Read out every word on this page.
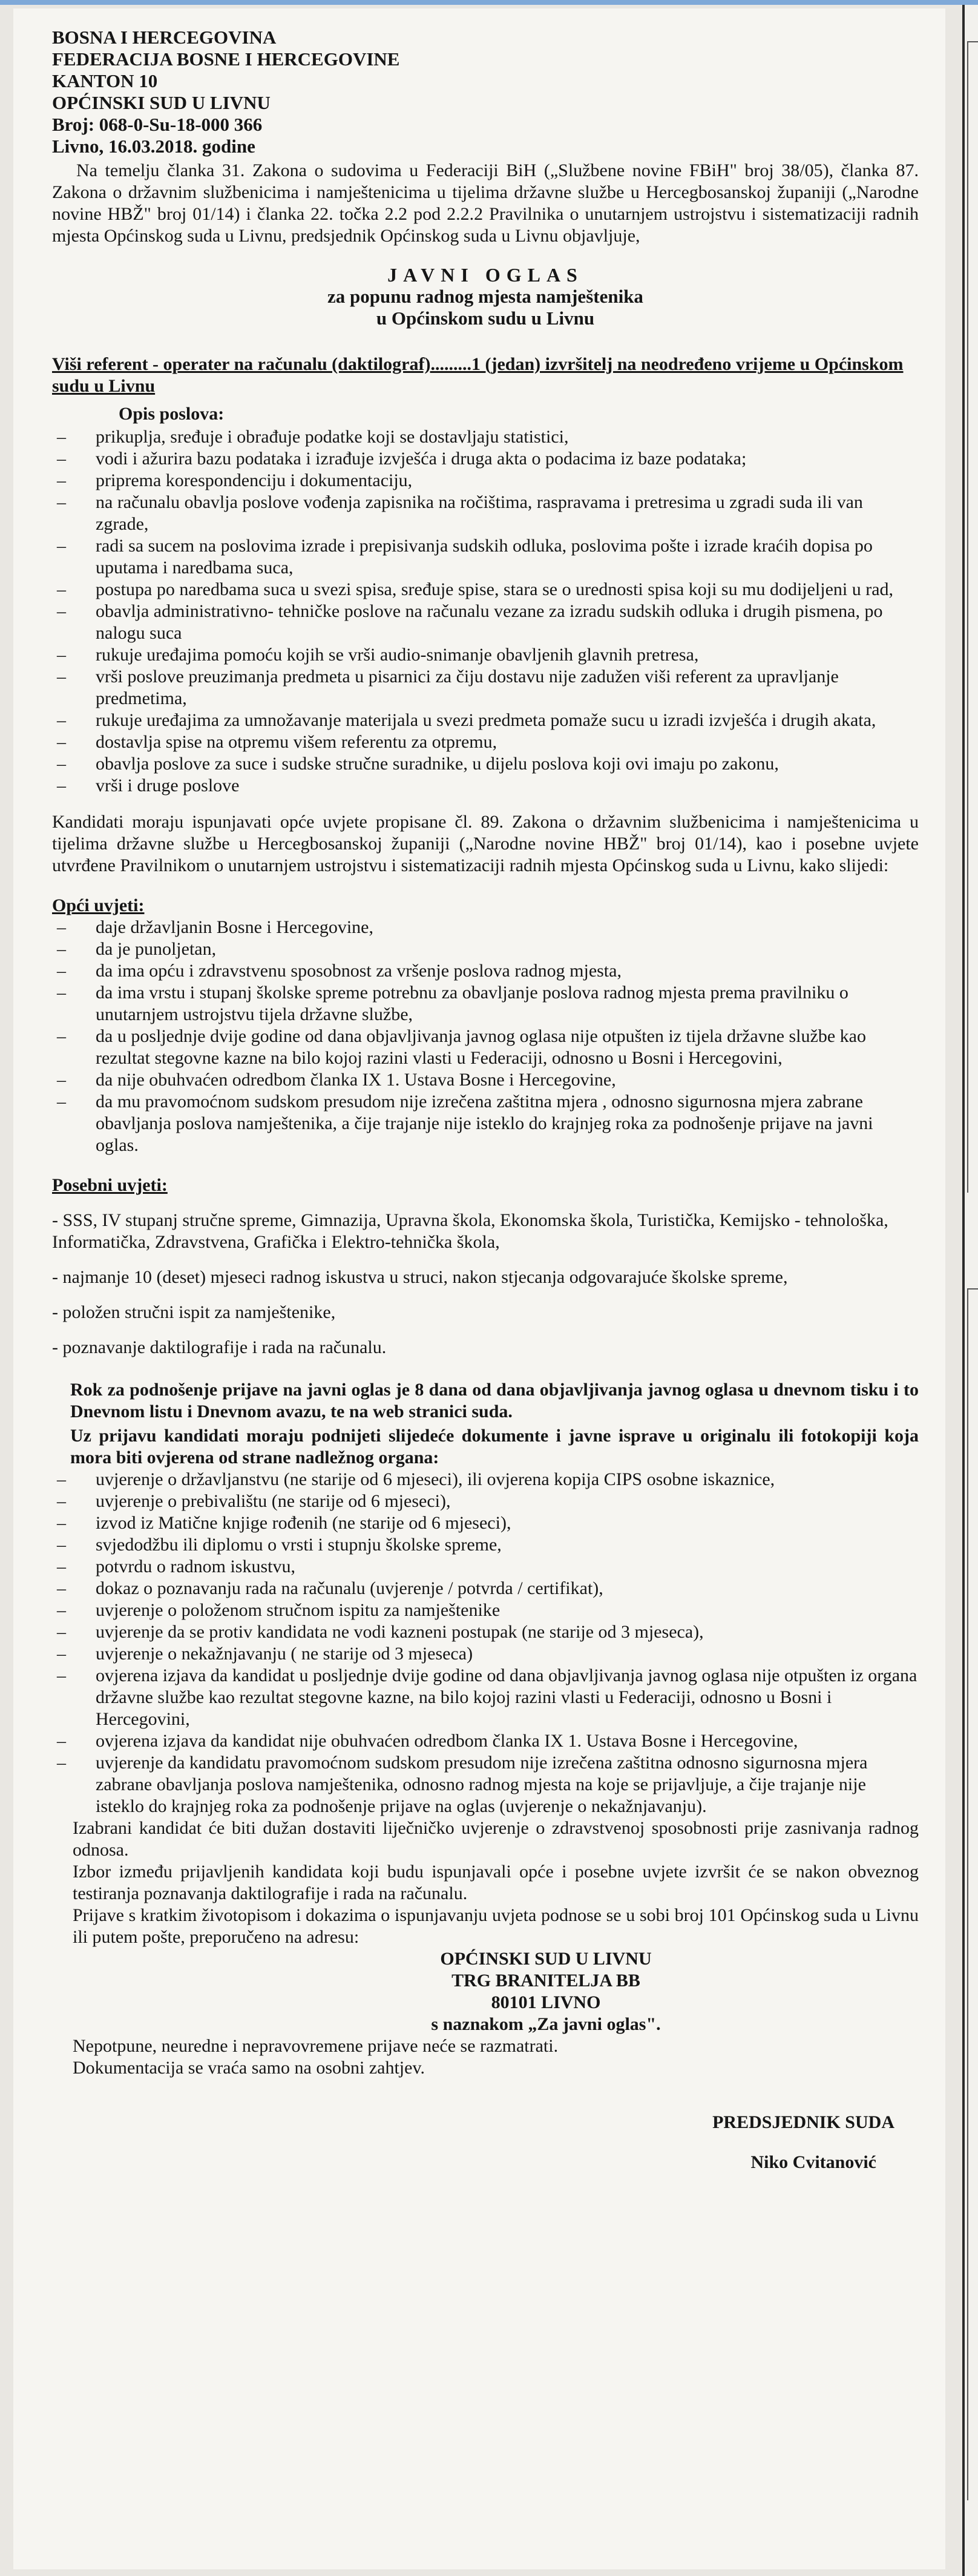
BOSNA I HERCEGOVINA
FEDERACIJA BOSNE I HERCEGOVINE
KANTON 10
OPĆINSKI SUD U LIVNU
Broj: 068-0-Su-18-000 366
Livno, 16.03.2018. godine

Na temelju članka 31. Zakona o sudovima u Federaciji BiH („Službene novine FBiH" broj 38/05), članka 87. Zakona o državnim službenicima i namještenicima u tijelima državne službe u Hercegbosanskoj županiji („Narodne novine HBŽ" broj 01/14) i članka 22. točka 2.2 pod 2.2.2 Pravilnika o unutarnjem ustrojstvu i sistematizaciji radnih mjesta Općinskog suda u Livnu, predsjednik Općinskog suda u Livnu objavljuje,

JAVNI OGLAS
za popunu radnog mjesta namještenika
u Općinskom sudu u Livnu
Viši referent - operater na računalu (daktilograf).........1 (jedan) izvršitelj na neodređeno vrijeme u Općinskom sudu u Livnu
Opis poslova:
– prikuplja, sređuje i obrađuje podatke koji se dostavljaju statistici,
– vodi i ažurira bazu podataka i izrađuje izvješća i druga akta o podacima iz baze podataka;
– priprema korespondenciju i dokumentaciju,
– na računalu obavlja poslove vođenja zapisnika na ročištima, raspravama i pretresima u zgradi suda ili van zgrade,
– radi sa sucem na poslovima izrade i prepisivanja sudskih odluka, poslovima pošte i izrade kraćih dopisa po uputama i naredbama suca,
– postupa po naredbama suca u svezi spisa, sređuje spise, stara se o urednosti spisa koji su mu dodijeljeni u rad,
– obavlja administrativno- tehničke poslove na računalu vezane za izradu sudskih odluka i drugih pismena, po nalogu suca
– rukuje uređajima pomoću kojih se vrši audio-snimanje obavljenih glavnih pretresa,
– vrši poslove preuzimanja predmeta u pisarnici za čiju dostavu nije zadužen viši referent za upravljanje predmetima,
– rukuje uređajima za umnožavanje materijala u svezi predmeta pomaže sucu u izradi izvješća i drugih akata,
– dostavlja spise na otpremu višem referentu za otpremu,
– obavlja poslove za suce i sudske stručne suradnike, u dijelu poslova koji ovi imaju po zakonu,
– vrši i druge poslove

Kandidati moraju ispunjavati opće uvjete propisane čl. 89. Zakona o državnim službenicima i namještenicima u tijelima državne službe u Hercegbosanskoj županiji („Narodne novine HBŽ" broj 01/14), kao i posebne uvjete utvrđene Pravilnikom o unutarnjem ustrojstvu i sistematizaciji radnih mjesta Općinskog suda u Livnu, kako slijedi:

Opći uvjeti:
– daje državljanin Bosne i Hercegovine,
– da je punoljetan,
– da ima opću i zdravstvenu sposobnost za vršenje poslova radnog mjesta,
– da ima vrstu i stupanj školske spreme potrebnu za obavljanje poslova radnog mjesta prema pravilniku o unutarnjem ustrojstvu tijela državne službe,
– da u posljednje dvije godine od dana objavljivanja javnog oglasa nije otpušten iz tijela državne službe kao rezultat stegovne kazne na bilo kojoj razini vlasti u Federaciji, odnosno u Bosni i Hercegovini,
– da nije obuhvaćen odredbom članka IX 1. Ustava Bosne i Hercegovine,
– da mu pravomoćnom sudskom presudom nije izrečena zaštitna mjera , odnosno sigurnosna mjera zabrane obavljanja poslova namještenika, a čije trajanje nije isteklo do krajnjeg roka za podnošenje prijave na javni oglas.
Posebni uvjeti:

- SSS, IV stupanj stručne spreme, Gimnazija, Upravna škola, Ekonomska škola, Turistička, Kemijsko - tehnološka, Informatička, Zdravstvena, Grafička i Elektro-tehnička škola,

- najmanje 10 (deset) mjeseci radnog iskustva u struci, nakon stjecanja odgovarajuće školske spreme,

- položen stručni ispit za namještenike,

- poznavanje daktilografije i rada na računalu.

Rok za podnošenje prijave na javni oglas je 8 dana od dana objavljivanja javnog oglasa u dnevnom tisku i to Dnevnom listu i Dnevnom avazu, te na web stranici suda.
Uz prijavu kandidati moraju podnijeti slijedeće dokumente i javne isprave u originalu ili fotokopiji koja mora biti ovjerena od strane nadležnog organa:
– uvjerenje o državljanstvu (ne starije od 6 mjeseci), ili ovjerena kopija CIPS osobne iskaznice,
– uvjerenje o prebivalištu (ne starije od 6 mjeseci),
– izvod iz Matične knjige rođenih (ne starije od 6 mjeseci),
– svjedodžbu ili diplomu o vrsti i stupnju školske spreme,
– potvrdu o radnom iskustvu,
– dokaz o poznavanju rada na računalu (uvjerenje / potvrda / certifikat),
– uvjerenje o položenom stručnom ispitu za namještenike
– uvjerenje da se protiv kandidata ne vodi kazneni postupak (ne starije od 3 mjeseca),
– uvjerenje o nekažnjavanju ( ne starije od 3 mjeseca)
– ovjerena izjava da kandidat u posljednje dvije godine od dana objavljivanja javnog oglasa nije otpušten iz organa državne službe kao rezultat stegovne kazne, na bilo kojoj razini vlasti u Federaciji, odnosno u Bosni i Hercegovini,
– ovjerena izjava da kandidat nije obuhvaćen odredbom članka IX 1. Ustava Bosne i Hercegovine,
– uvjerenje da kandidatu pravomoćnom sudskom presudom nije izrečena zaštitna odnosno sigurnosna mjera zabrane obavljanja poslova namještenika, odnosno radnog mjesta na koje se prijavljuje, a čije trajanje nije isteklo do krajnjeg roka za podnošenje prijave na oglas (uvjerenje o nekažnjavanju).
Izabrani kandidat će biti dužan dostaviti liječničko uvjerenje o zdravstvenoj sposobnosti prije zasnivanja radnog odnosa.
Izbor između prijavljenih kandidata koji budu ispunjavali opće i posebne uvjete izvršit će se nakon obveznog testiranja poznavanja daktilografije i rada na računalu.
Prijave s kratkim životopisom i dokazima o ispunjavanju uvjeta podnose se u sobi broj 101 Općinskog suda u Livnu ili putem pošte, preporučeno na adresu:
OPĆINSKI SUD U LIVNU
TRG BRANITELJA BB
80101 LIVNO
s naznakom „Za javni oglas".
Nepotpune, neuredne i nepravovremene prijave neće se razmatrati.
Dokumentacija se vraća samo na osobni zahtjev.
PREDSJEDNIK SUDA
Niko Cvitanović
